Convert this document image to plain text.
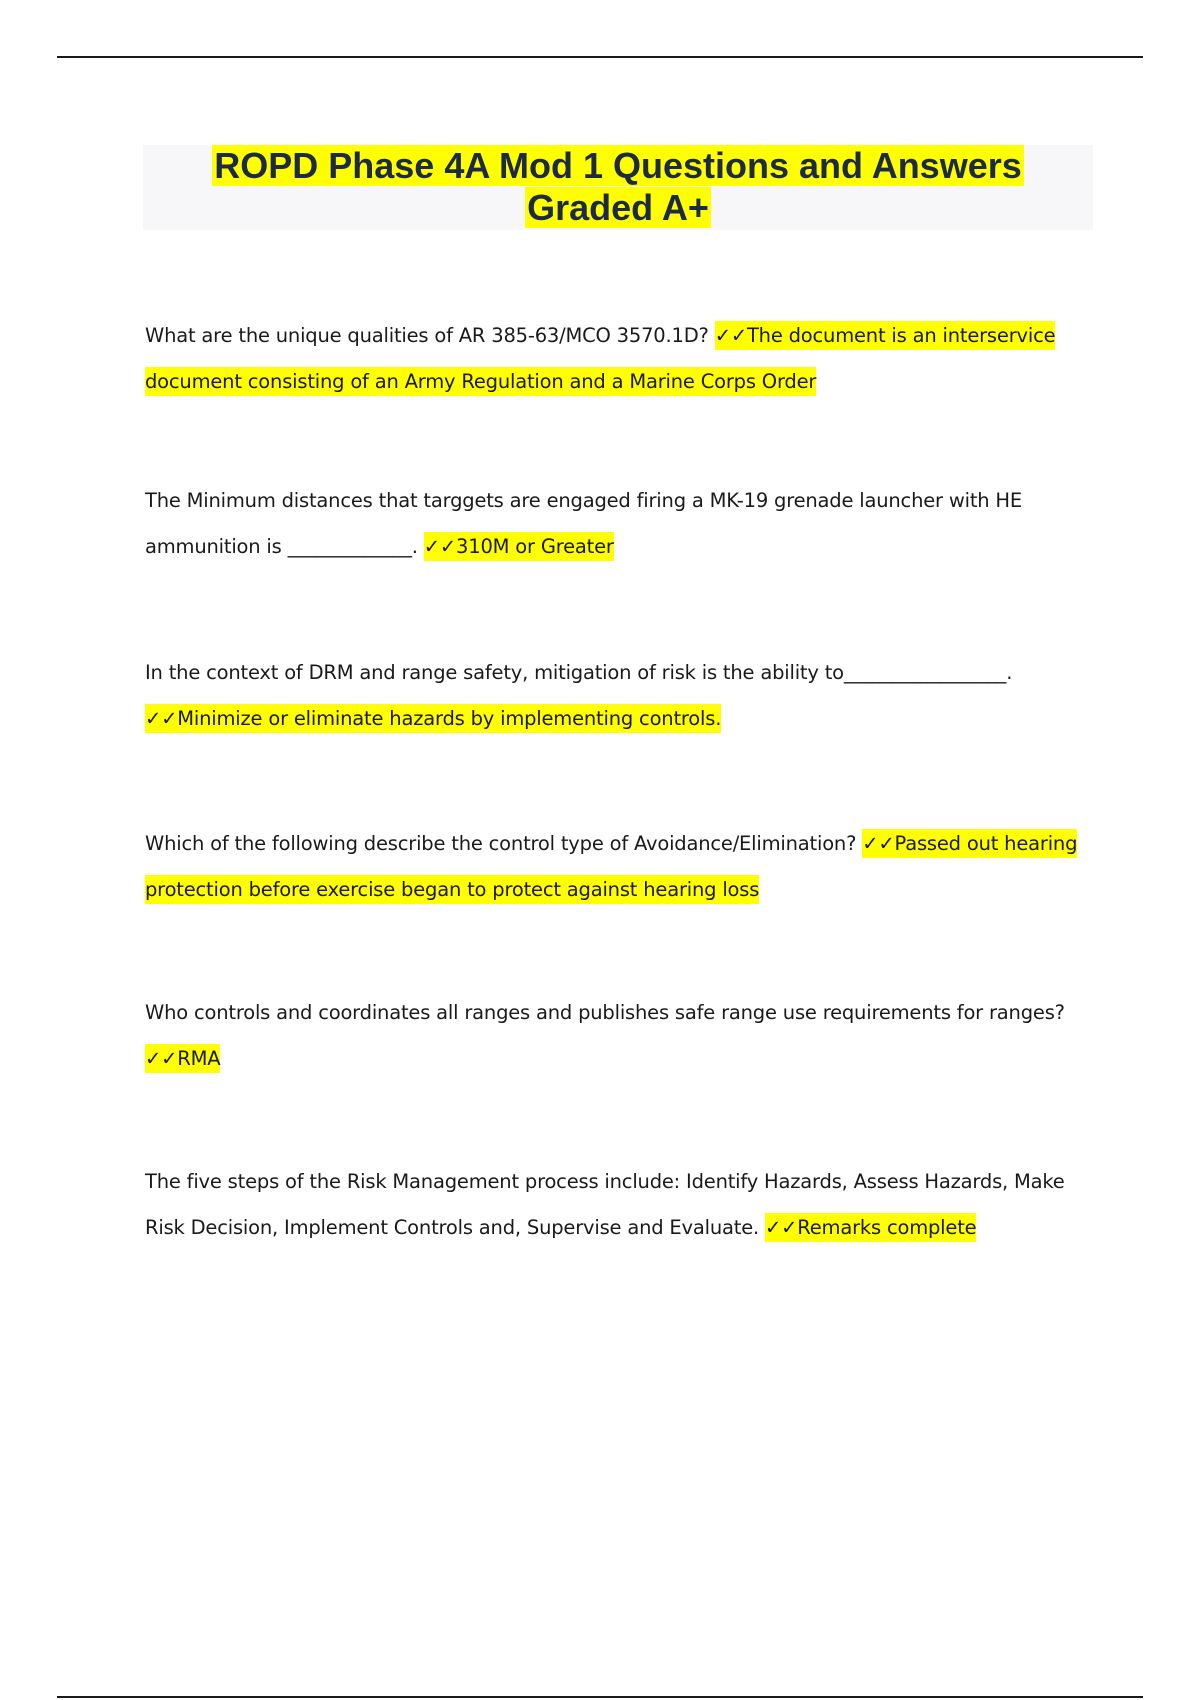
ROPD Phase 4A Mod 1 Questions and Answers
Graded A+
What are the unique qualities of AR 385-63/MCO 3570.1D? ✓✓The document is an interservice document consisting of an Army Regulation and a Marine Corps Order
The Minimum distances that targgets are engaged firing a MK-19 grenade launcher with HE ammunition is _____________. ✓✓310M or Greater
In the context of DRM and range safety, mitigation of risk is the ability to_________________. ✓✓Minimize or eliminate hazards by implementing controls.
Which of the following describe the control type of Avoidance/Elimination? ✓✓Passed out hearing protection before exercise began to protect against hearing loss
Who controls and coordinates all ranges and publishes safe range use requirements for ranges? ✓✓RMA
The five steps of the Risk Management process include: Identify Hazards, Assess Hazards, Make Risk Decision, Implement Controls and, Supervise and Evaluate. ✓✓Remarks complete
